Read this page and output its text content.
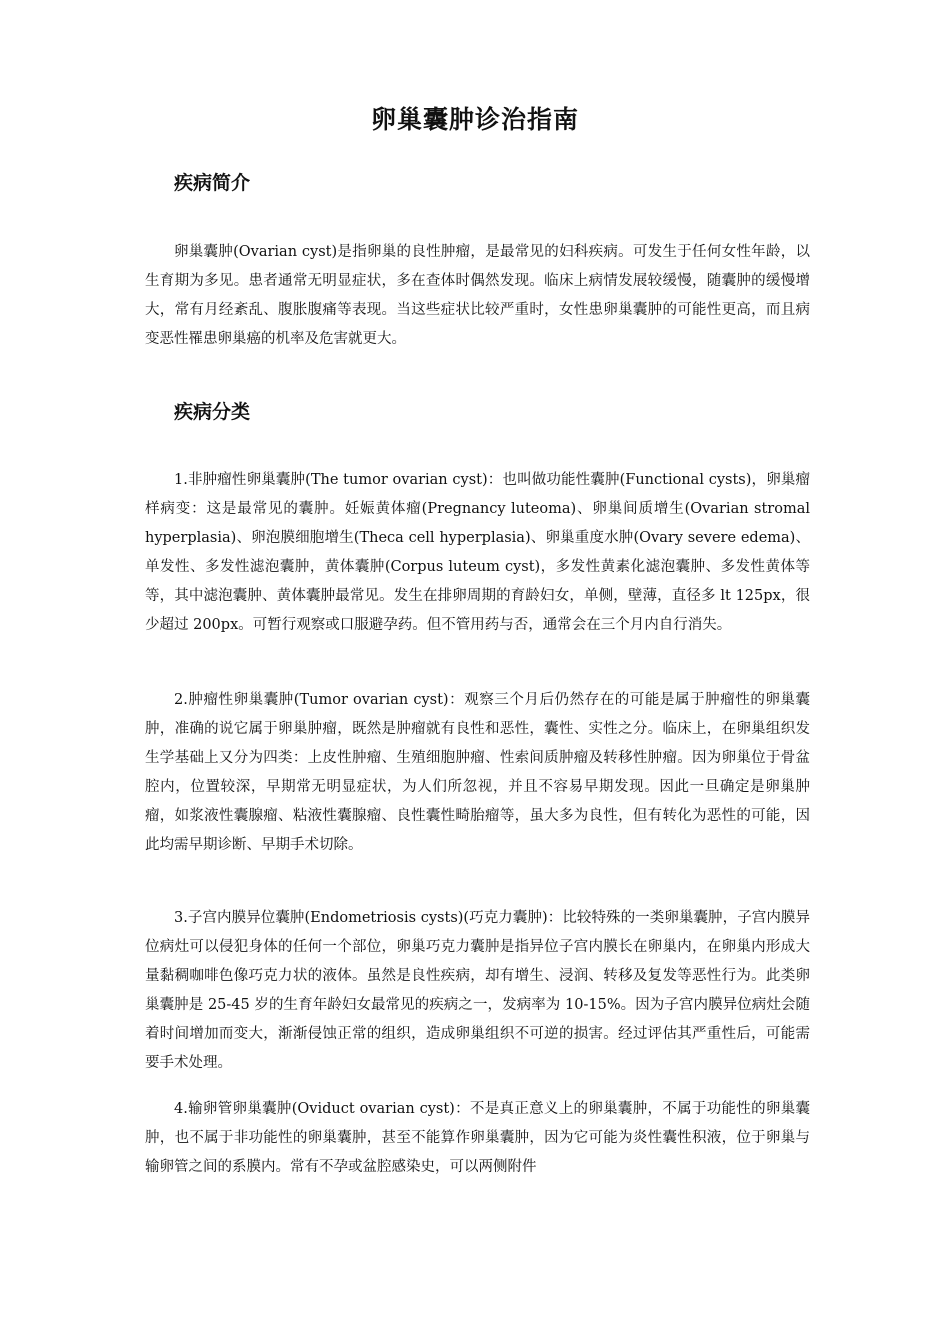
卵巢囊肿诊治指南
疾病简介

卵巢囊肿(Ovarian cyst)是指卵巢的良性肿瘤，是最常见的妇科疾病。可发生于任何女性年龄，以生育期为多见。患者通常无明显症状，多在查体时偶然发现。临床上病情发展较缓慢，随囊肿的缓慢增大，常有月经紊乱、腹胀腹痛等表现。当这些症状比较严重时，女性患卵巢囊肿的可能性更高，而且病变恶性罹患卵巢癌的机率及危害就更大。

疾病分类

1.非肿瘤性卵巢囊肿(The tumor ovarian cyst)：也叫做功能性囊肿(Functional cysts)，卵巢瘤样病变：这是最常见的囊肿。妊娠黄体瘤(Pregnancy luteoma)、卵巢间质增生(Ovarian stromal hyperplasia)、卵泡膜细胞增生(Theca cell hyperplasia)、卵巢重度水肿(Ovary severe edema)、单发性、多发性滤泡囊肿，黄体囊肿(Corpus luteum cyst)，多发性黄素化滤泡囊肿、多发性黄体等等，其中滤泡囊肿、黄体囊肿最常见。发生在排卵周期的育龄妇女，单侧，壁薄，直径多 lt 125px，很少超过 200px。可暂行观察或口服避孕药。但不管用药与否，通常会在三个月内自行消失。

2.肿瘤性卵巢囊肿(Tumor ovarian cyst)：观察三个月后仍然存在的可能是属于肿瘤性的卵巢囊肿，准确的说它属于卵巢肿瘤，既然是肿瘤就有良性和恶性，囊性、实性之分。临床上，在卵巢组织发生学基础上又分为四类：上皮性肿瘤、生殖细胞肿瘤、性索间质肿瘤及转移性肿瘤。因为卵巢位于骨盆腔内，位置较深，早期常无明显症状，为人们所忽视，并且不容易早期发现。因此一旦确定是卵巢肿瘤，如浆液性囊腺瘤、粘液性囊腺瘤、良性囊性畸胎瘤等，虽大多为良性，但有转化为恶性的可能，因此均需早期诊断、早期手术切除。

3.子宫内膜异位囊肿(Endometriosis cysts)(巧克力囊肿)：比较特殊的一类卵巢囊肿，子宫内膜异位病灶可以侵犯身体的任何一个部位，卵巢巧克力囊肿是指异位子宫内膜长在卵巢内，在卵巢内形成大量黏稠咖啡色像巧克力状的液体。虽然是良性疾病，却有增生、浸润、转移及复发等恶性行为。此类卵巢囊肿是 25-45 岁的生育年龄妇女最常见的疾病之一，发病率为 10-15%。因为子宫内膜异位病灶会随着时间增加而变大，渐渐侵蚀正常的组织，造成卵巢组织不可逆的损害。经过评估其严重性后，可能需要手术处理。

4.输卵管卵巢囊肿(Oviduct ovarian cyst)：不是真正意义上的卵巢囊肿，不属于功能性的卵巢囊肿，也不属于非功能性的卵巢囊肿，甚至不能算作卵巢囊肿，因为它可能为炎性囊性积液，位于卵巢与输卵管之间的系膜内。常有不孕或盆腔感染史，可以两侧附件
